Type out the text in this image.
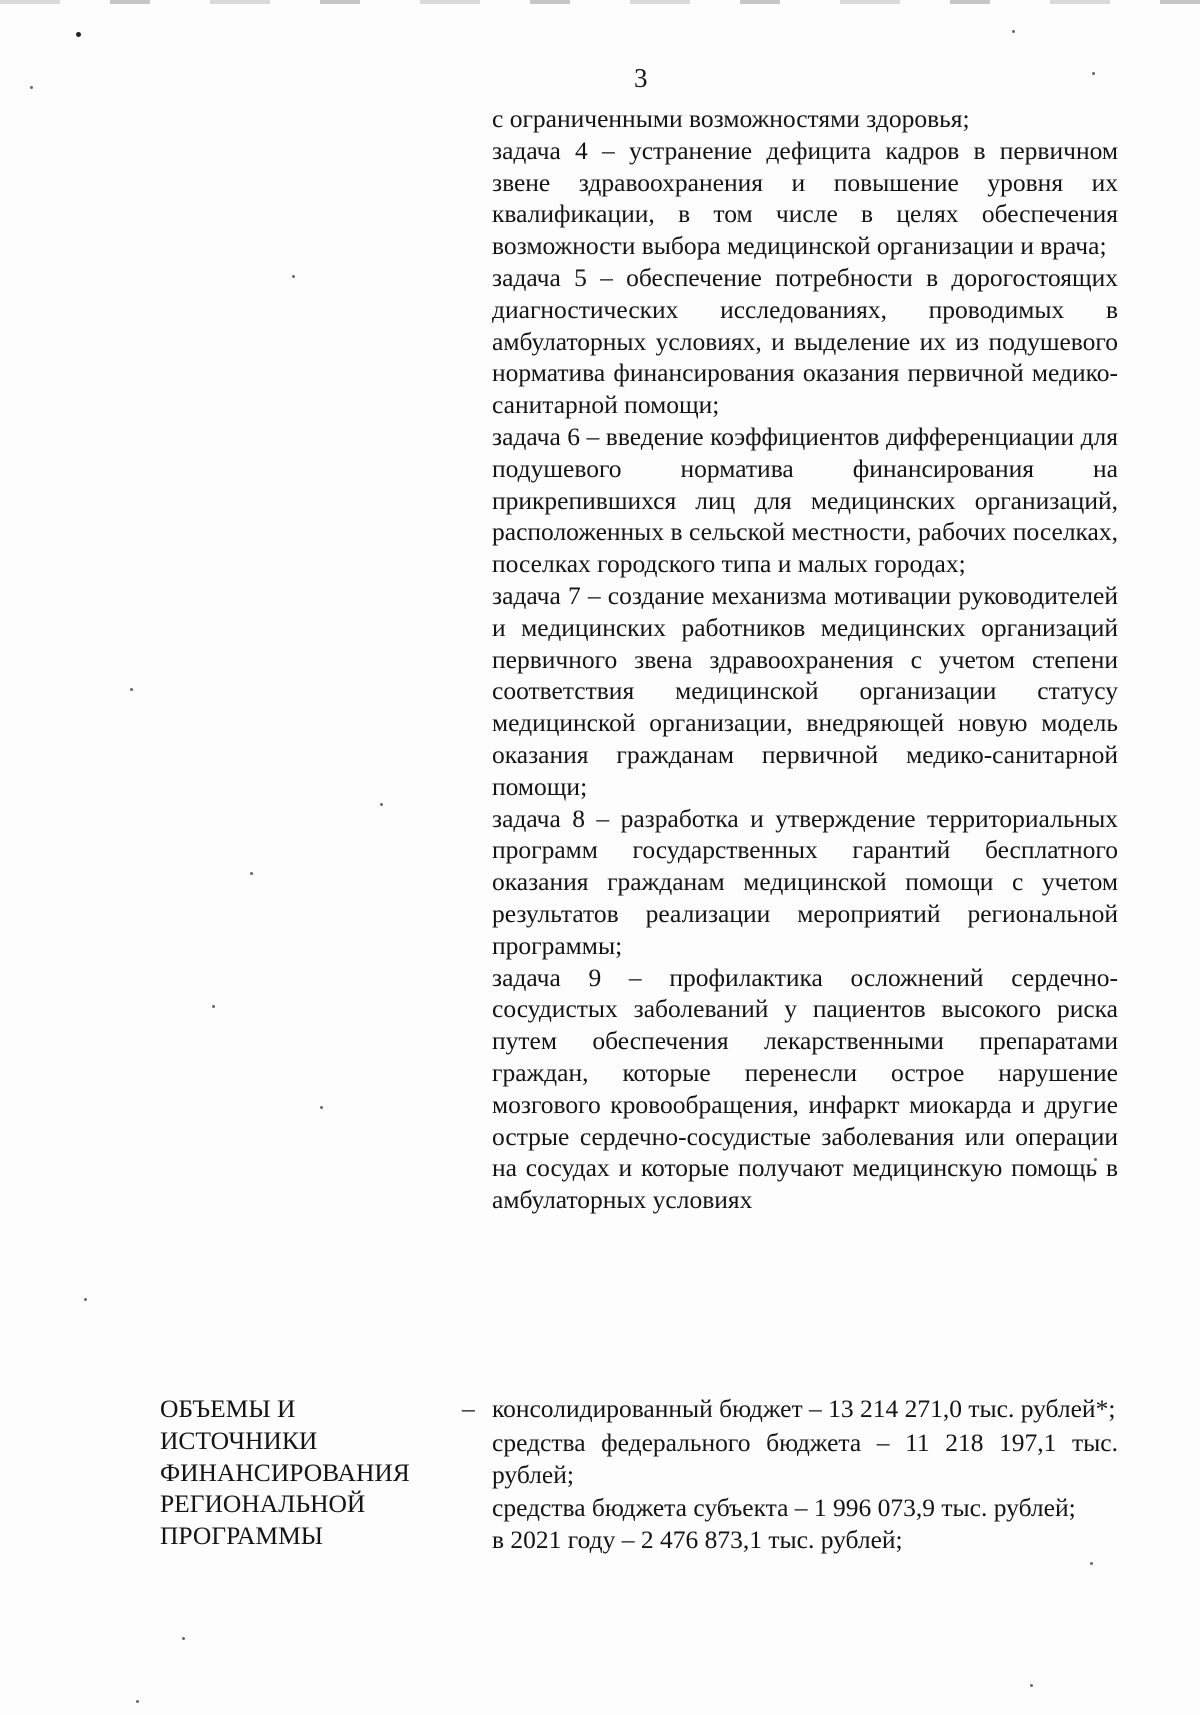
3

с ограниченными возможностями здоровья;

задача 4 – устранение дефицита кадров в первичном звене здравоохранения и повышение уровня их квалификации, в том числе в целях обеспечения возможности выбора медицинской организации и врача;

задача 5 – обеспечение потребности в дорогостоящих диагностических исследованиях, проводимых в амбулаторных условиях, и выделение их из подушевого норматива финансирования оказания первичной медико-санитарной помощи;

задача 6 – введение коэффициентов дифференциации для подушевого норматива финансирования на прикрепившихся лиц для медицинских организаций, расположенных в сельской местности, рабочих поселках, поселках городского типа и малых городах;

задача 7 – создание механизма мотивации руководителей и медицинских работников медицинских организаций первичного звена здравоохранения с учетом степени соответствия медицинской организации статусу медицинской организации, внедряющей новую модель оказания гражданам первичной медико-санитарной помощи;

задача 8 – разработка и утверждение территориальных программ государственных гарантий бесплатного оказания гражданам медицинской помощи с учетом результатов реализации мероприятий региональной программы;

задача 9 – профилактика осложнений сердечно-сосудистых заболеваний у пациентов высокого риска путем обеспечения лекарственными препаратами граждан, которые перенесли острое нарушение мозгового кровообращения, инфаркт миокарда и другие острые сердечно-сосудистые заболевания или операции на сосудах и которые получают медицинскую помощь в амбулаторных условиях

ОБЪЕМЫ И
ИСТОЧНИКИ
ФИНАНСИРОВАНИЯ
РЕГИОНАЛЬНОЙ
ПРОГРАММЫ
– консолидированный бюджет – 13 214 271,0 тыс. рублей*;

средства федерального бюджета – 11 218 197,1 тыс. рублей;

средства бюджета субъекта – 1 996 073,9 тыс. рублей;

в 2021 году – 2 476 873,1 тыс. рублей;
